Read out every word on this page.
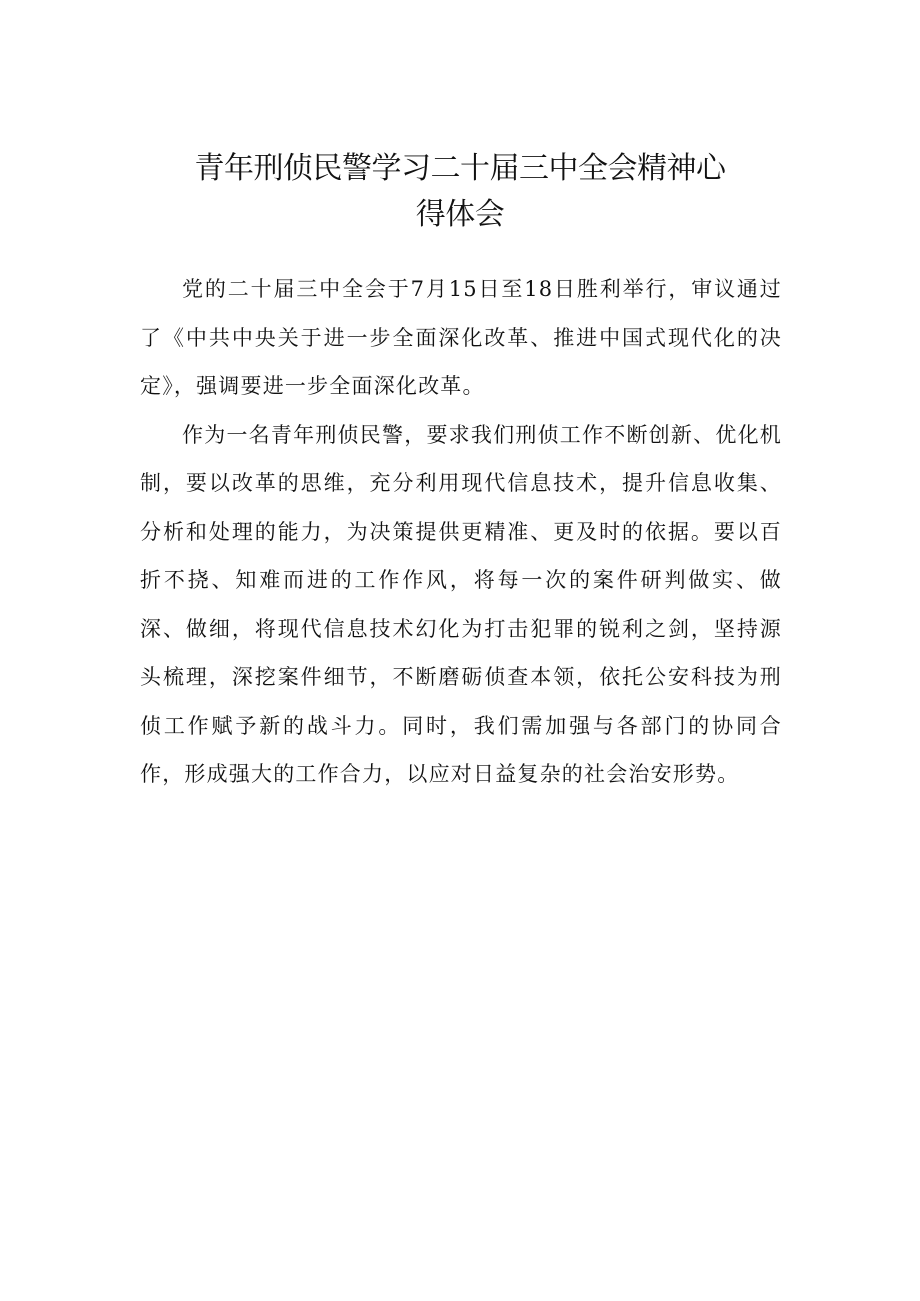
青年刑侦民警学习二十届三中全会精神心
得体会

党的二十届三中全会于7月15日至18日胜利举行，审议通过了《中共中央关于进一步全面深化改革、推进中国式现代化的决定》，强调要进一步全面深化改革。

作为一名青年刑侦民警，要求我们刑侦工作不断创新、优化机制，要以改革的思维，充分利用现代信息技术，提升信息收集、分析和处理的能力，为决策提供更精准、更及时的依据。要以百折不挠、知难而进的工作作风，将每一次的案件研判做实、做深、做细，将现代信息技术幻化为打击犯罪的锐利之剑，坚持源头梳理，深挖案件细节，不断磨砺侦查本领，依托公安科技为刑侦工作赋予新的战斗力。同时，我们需加强与各部门的协同合作，形成强大的工作合力，以应对日益复杂的社会治安形势。
